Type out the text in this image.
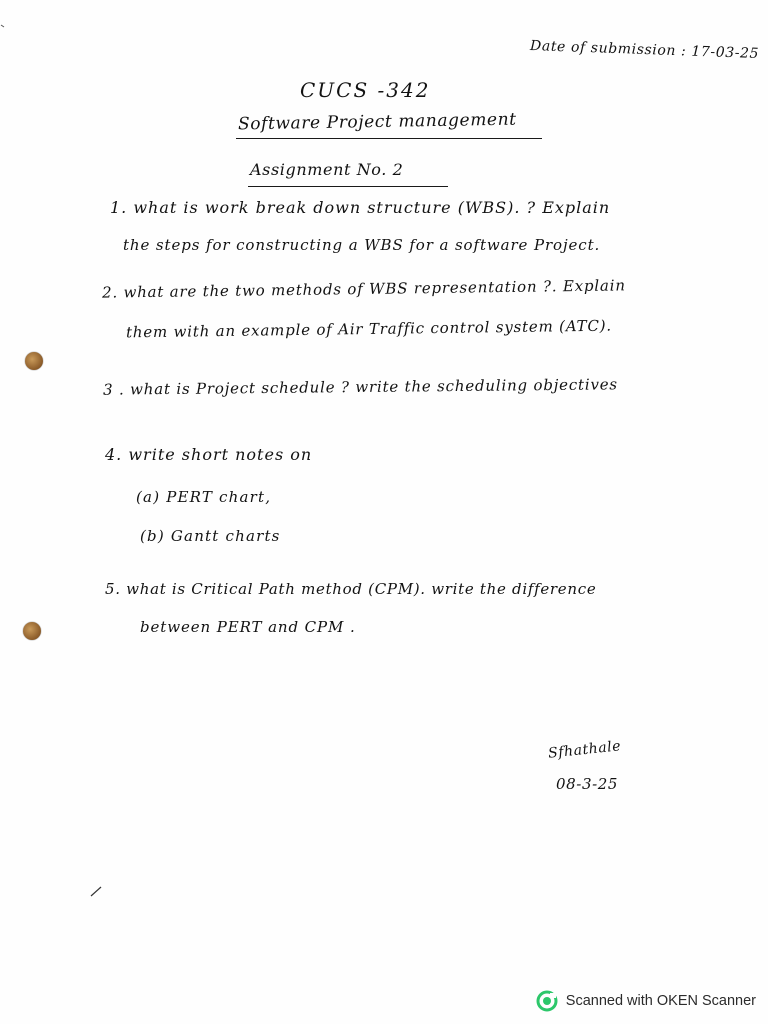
Date of submission : 17-03-25
CUCS -342
Software Project management
Assignment No. 2
1. what is work break down structure (WBS). ? Explain
the steps for constructing a WBS for a software Project.
2. what are the two methods of WBS representation ?. Explain
them with an example of Air Traffic control system (ATC).
3 . what is Project schedule ? write the scheduling objectives
4. write short notes on
(a) PERT chart,
(b) Gantt charts
5. what is Critical Path method (CPM). write the difference
between PERT and CPM .
Sfhathale
08-3-25
Scanned with OKEN Scanner
